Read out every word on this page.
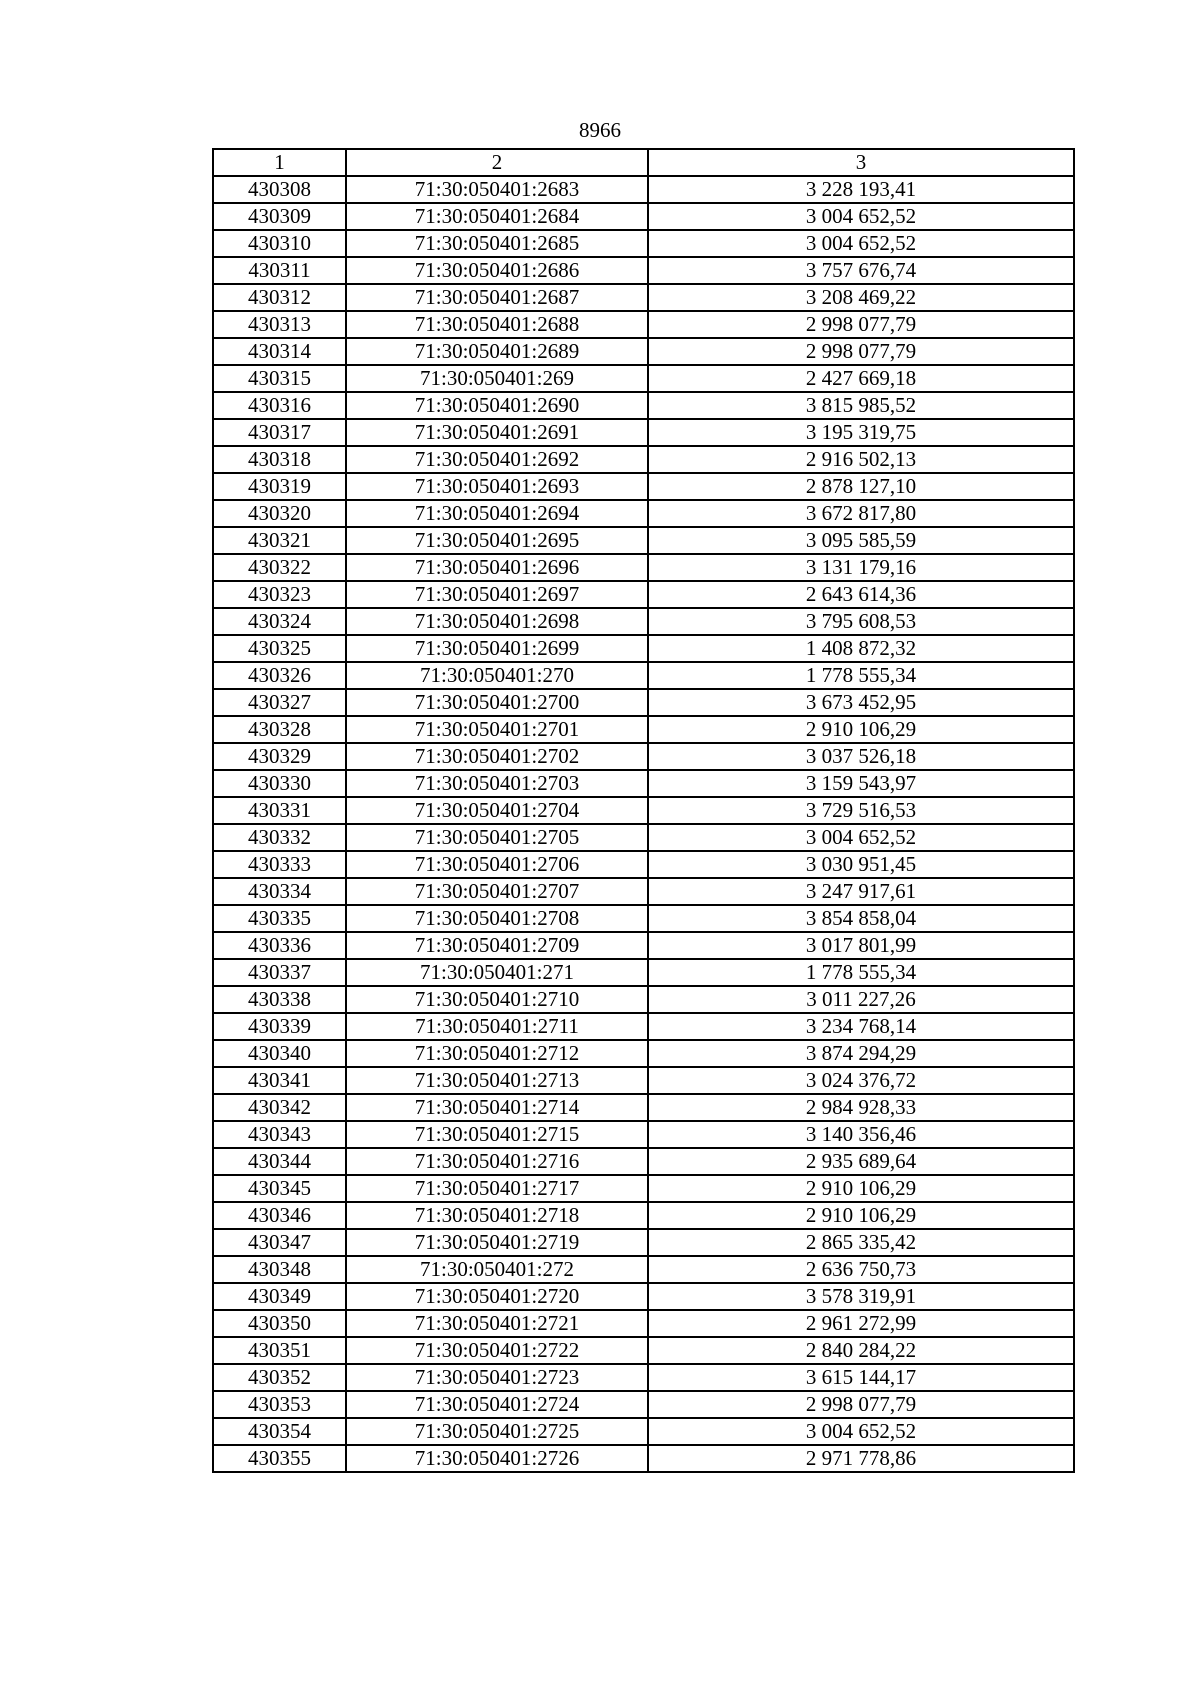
8966
1	2	3
430308	71:30:050401:2683	3 228 193,41
430309	71:30:050401:2684	3 004 652,52
430310	71:30:050401:2685	3 004 652,52
430311	71:30:050401:2686	3 757 676,74
430312	71:30:050401:2687	3 208 469,22
430313	71:30:050401:2688	2 998 077,79
430314	71:30:050401:2689	2 998 077,79
430315	71:30:050401:269	2 427 669,18
430316	71:30:050401:2690	3 815 985,52
430317	71:30:050401:2691	3 195 319,75
430318	71:30:050401:2692	2 916 502,13
430319	71:30:050401:2693	2 878 127,10
430320	71:30:050401:2694	3 672 817,80
430321	71:30:050401:2695	3 095 585,59
430322	71:30:050401:2696	3 131 179,16
430323	71:30:050401:2697	2 643 614,36
430324	71:30:050401:2698	3 795 608,53
430325	71:30:050401:2699	1 408 872,32
430326	71:30:050401:270	1 778 555,34
430327	71:30:050401:2700	3 673 452,95
430328	71:30:050401:2701	2 910 106,29
430329	71:30:050401:2702	3 037 526,18
430330	71:30:050401:2703	3 159 543,97
430331	71:30:050401:2704	3 729 516,53
430332	71:30:050401:2705	3 004 652,52
430333	71:30:050401:2706	3 030 951,45
430334	71:30:050401:2707	3 247 917,61
430335	71:30:050401:2708	3 854 858,04
430336	71:30:050401:2709	3 017 801,99
430337	71:30:050401:271	1 778 555,34
430338	71:30:050401:2710	3 011 227,26
430339	71:30:050401:2711	3 234 768,14
430340	71:30:050401:2712	3 874 294,29
430341	71:30:050401:2713	3 024 376,72
430342	71:30:050401:2714	2 984 928,33
430343	71:30:050401:2715	3 140 356,46
430344	71:30:050401:2716	2 935 689,64
430345	71:30:050401:2717	2 910 106,29
430346	71:30:050401:2718	2 910 106,29
430347	71:30:050401:2719	2 865 335,42
430348	71:30:050401:272	2 636 750,73
430349	71:30:050401:2720	3 578 319,91
430350	71:30:050401:2721	2 961 272,99
430351	71:30:050401:2722	2 840 284,22
430352	71:30:050401:2723	3 615 144,17
430353	71:30:050401:2724	2 998 077,79
430354	71:30:050401:2725	3 004 652,52
430355	71:30:050401:2726	2 971 778,86
